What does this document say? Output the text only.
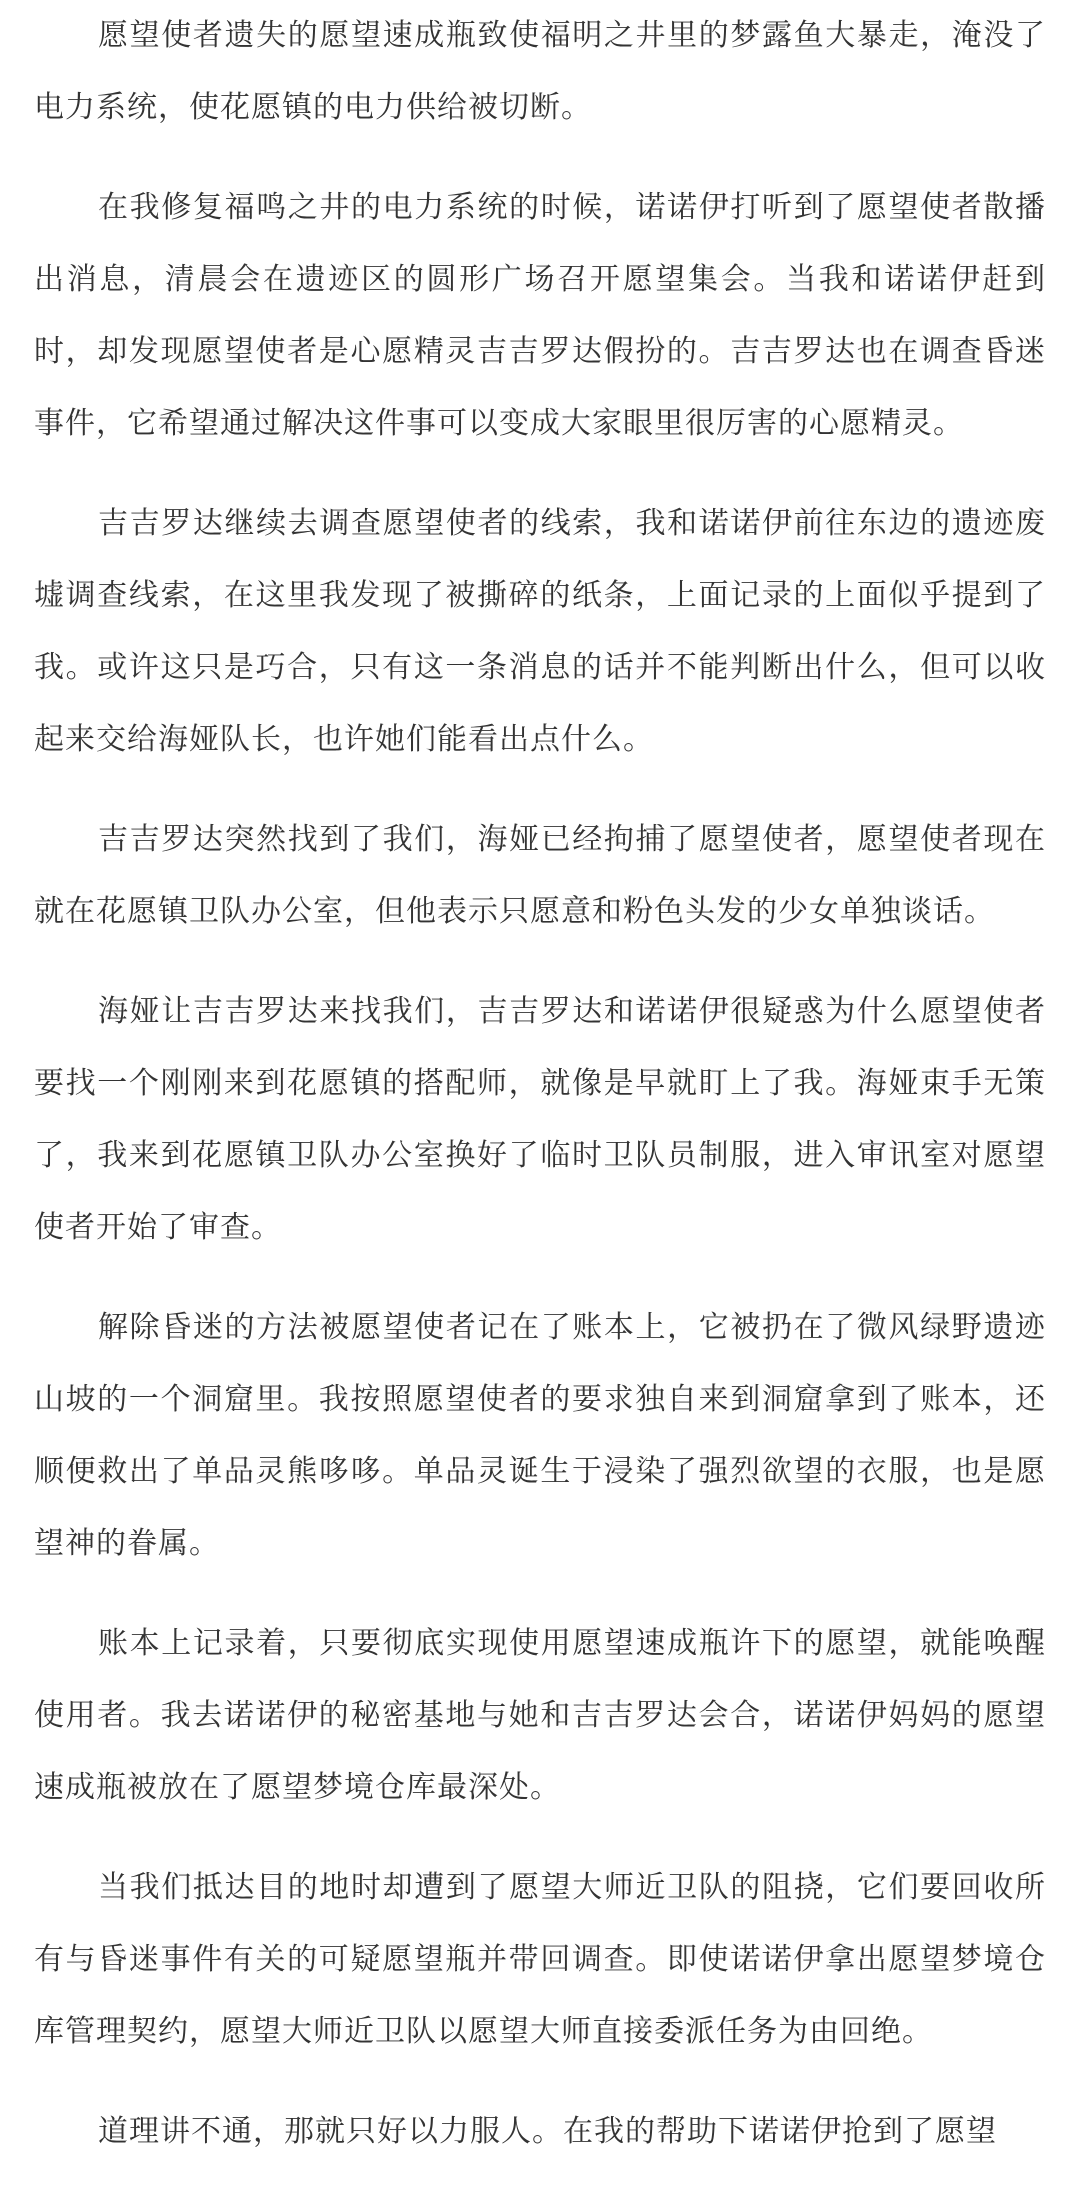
愿望使者遗失的愿望速成瓶致使福明之井里的梦露鱼大暴走，淹没了电力系统，使花愿镇的电力供给被切断。

在我修复福鸣之井的电力系统的时候，诺诺伊打听到了愿望使者散播出消息，清晨会在遗迹区的圆形广场召开愿望集会。当我和诺诺伊赶到时，却发现愿望使者是心愿精灵吉吉罗达假扮的。吉吉罗达也在调查昏迷事件，它希望通过解决这件事可以变成大家眼里很厉害的心愿精灵。

吉吉罗达继续去调查愿望使者的线索，我和诺诺伊前往东边的遗迹废墟调查线索，在这里我发现了被撕碎的纸条，上面记录的上面似乎提到了我。或许这只是巧合，只有这一条消息的话并不能判断出什么，但可以收起来交给海娅队长，也许她们能看出点什么。

吉吉罗达突然找到了我们，海娅已经拘捕了愿望使者，愿望使者现在就在花愿镇卫队办公室，但他表示只愿意和粉色头发的少女单独谈话。

海娅让吉吉罗达来找我们，吉吉罗达和诺诺伊很疑惑为什么愿望使者要找一个刚刚来到花愿镇的搭配师，就像是早就盯上了我。海娅束手无策了，我来到花愿镇卫队办公室换好了临时卫队员制服，进入审讯室对愿望使者开始了审查。

解除昏迷的方法被愿望使者记在了账本上，它被扔在了微风绿野遗迹山坡的一个洞窟里。我按照愿望使者的要求独自来到洞窟拿到了账本，还顺便救出了单品灵熊哆哆。单品灵诞生于浸染了强烈欲望的衣服，也是愿望神的眷属。

账本上记录着，只要彻底实现使用愿望速成瓶许下的愿望，就能唤醒使用者。我去诺诺伊的秘密基地与她和吉吉罗达会合，诺诺伊妈妈的愿望速成瓶被放在了愿望梦境仓库最深处。

当我们抵达目的地时却遭到了愿望大师近卫队的阻挠，它们要回收所有与昏迷事件有关的可疑愿望瓶并带回调查。即使诺诺伊拿出愿望梦境仓库管理契约，愿望大师近卫队以愿望大师直接委派任务为由回绝。

道理讲不通，那就只好以力服人。在我的帮助下诺诺伊抢到了愿望
